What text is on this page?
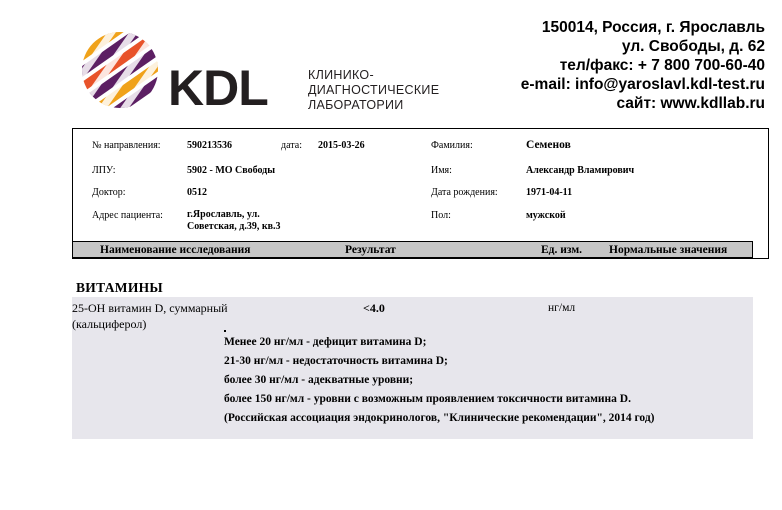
KDL	КЛИНИКО-
ДИАГНОСТИЧЕСКИЕ
ЛАБОРАТОРИИ
150014, Россия, г. Ярославль
ул. Свободы, д. 62
тел/факс: + 7 800 700-60-40
e-mail: info@yaroslavl.kdl-test.ru
сайт: www.kdllab.ru
№ направления:	590213536	дата: 2015-03-26
ЛПУ:	5902 - МО Свободы
Доктор:	0512
Адрес пациента: г.Ярославль, ул. Советская, д.39, кв.3
Фамилия:	Семенов
Имя:	Александр Вламирович
Дата рождения:	1971-04-11
Пол:	мужской
Наименование исследования	Результат	Ед. изм. Нормальные значения
ВИТАМИНЫ
25-ОН витамин D, суммарный
(кальциферол)
<4.0	нг/мл
Менее 20 нг/мл - дефицит витамина D;
21-30 нг/мл - недостаточность витамина D;
более 30 нг/мл - адекватные уровни;
более 150 нг/мл - уровни с возможным проявлением токсичности витамина D.
(Российская ассоциация эндокринологов, "Клинические рекомендации", 2014 год)
